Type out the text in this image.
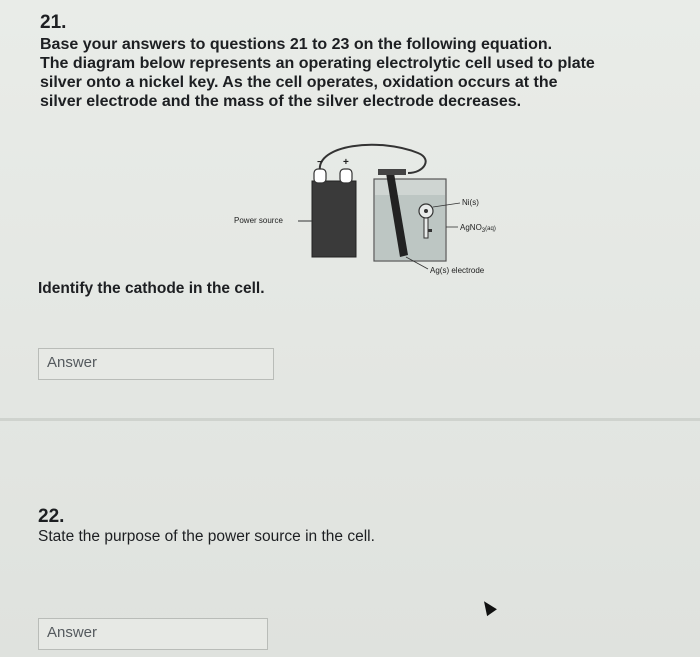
21.
Base your answers to questions 21 to 23 on the following equation.
The diagram below represents an operating electrolytic cell used to plate
silver onto a nickel key. As the cell operates, oxidation occurs at the
silver electrode and the mass of the silver electrode decreases.
− +
Power source
Ni(s)
AgNO$_3^{(aq)}$
Ag(s) electrode
Identify the cathode in the cell.
Answer
22.
State the purpose of the power source in the cell.
Answer
